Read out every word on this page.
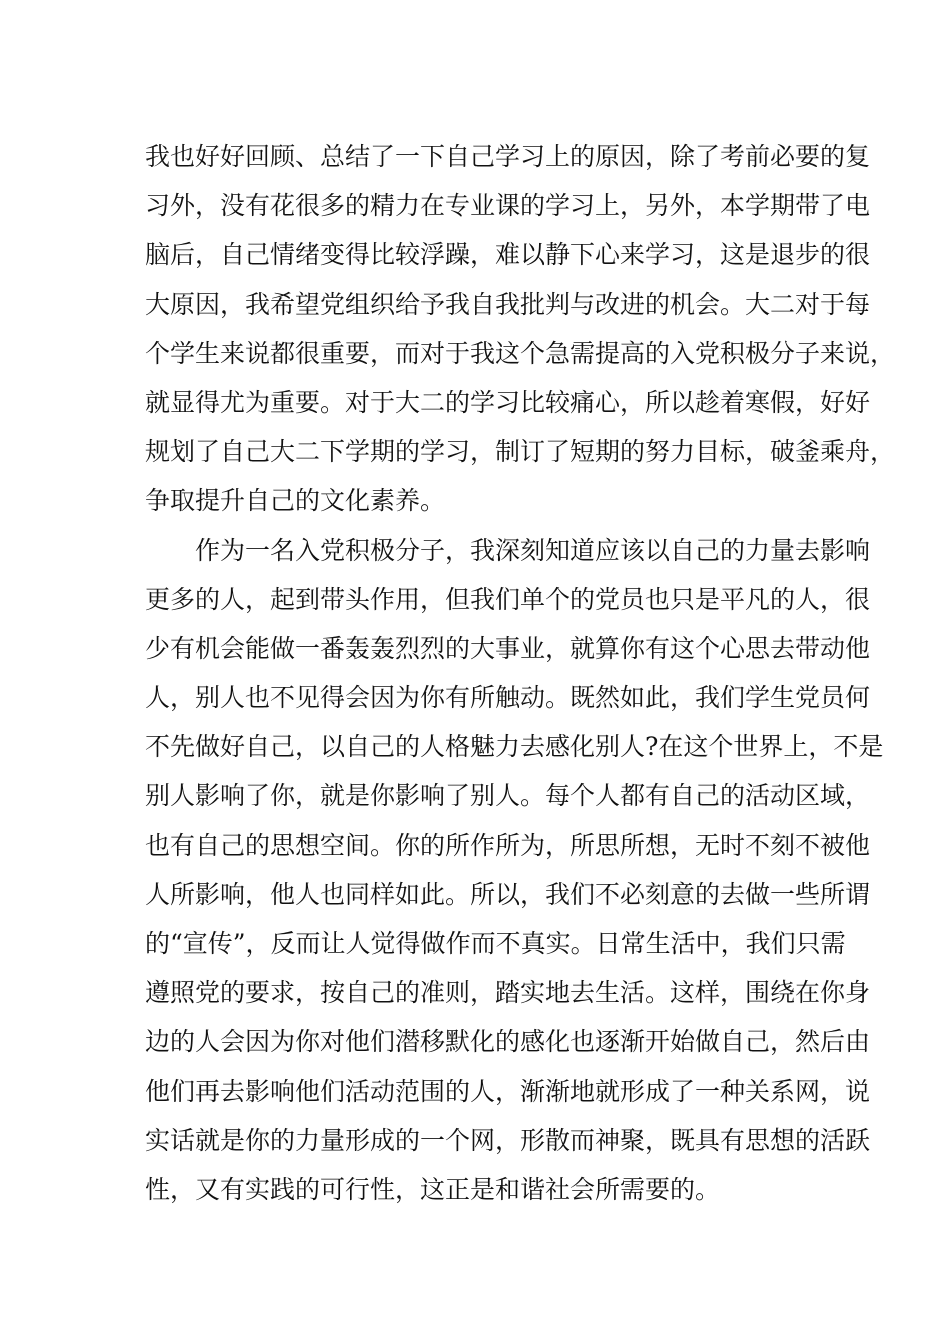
我也好好回顾、总结了一下自己学习上的原因，除了考前必要的复
习外，没有花很多的精力在专业课的学习上，另外，本学期带了电
脑后，自己情绪变得比较浮躁，难以静下心来学习，这是退步的很
大原因，我希望党组织给予我自我批判与改进的机会。大二对于每
个学生来说都很重要，而对于我这个急需提高的入党积极分子来说，
就显得尤为重要。对于大二的学习比较痛心，所以趁着寒假，好好
规划了自己大二下学期的学习，制订了短期的努力目标，破釜乘舟，
争取提升自己的文化素养。
作为一名入党积极分子，我深刻知道应该以自己的力量去影响
更多的人，起到带头作用，但我们单个的党员也只是平凡的人，很
少有机会能做一番轰轰烈烈的大事业，就算你有这个心思去带动他
人，别人也不见得会因为你有所触动。既然如此，我们学生党员何
不先做好自己，以自己的人格魅力去感化别人?在这个世界上，不是
别人影响了你，就是你影响了别人。每个人都有自己的活动区域，
也有自己的思想空间。你的所作所为，所思所想，无时不刻不被他
人所影响，他人也同样如此。所以，我们不必刻意的去做一些所谓
的“宣传”，反而让人觉得做作而不真实。日常生活中，我们只需
遵照党的要求，按自己的准则，踏实地去生活。这样，围绕在你身
边的人会因为你对他们潜移默化的感化也逐渐开始做自己，然后由
他们再去影响他们活动范围的人，渐渐地就形成了一种关系网，说
实话就是你的力量形成的一个网，形散而神聚，既具有思想的活跃
性，又有实践的可行性，这正是和谐社会所需要的。
